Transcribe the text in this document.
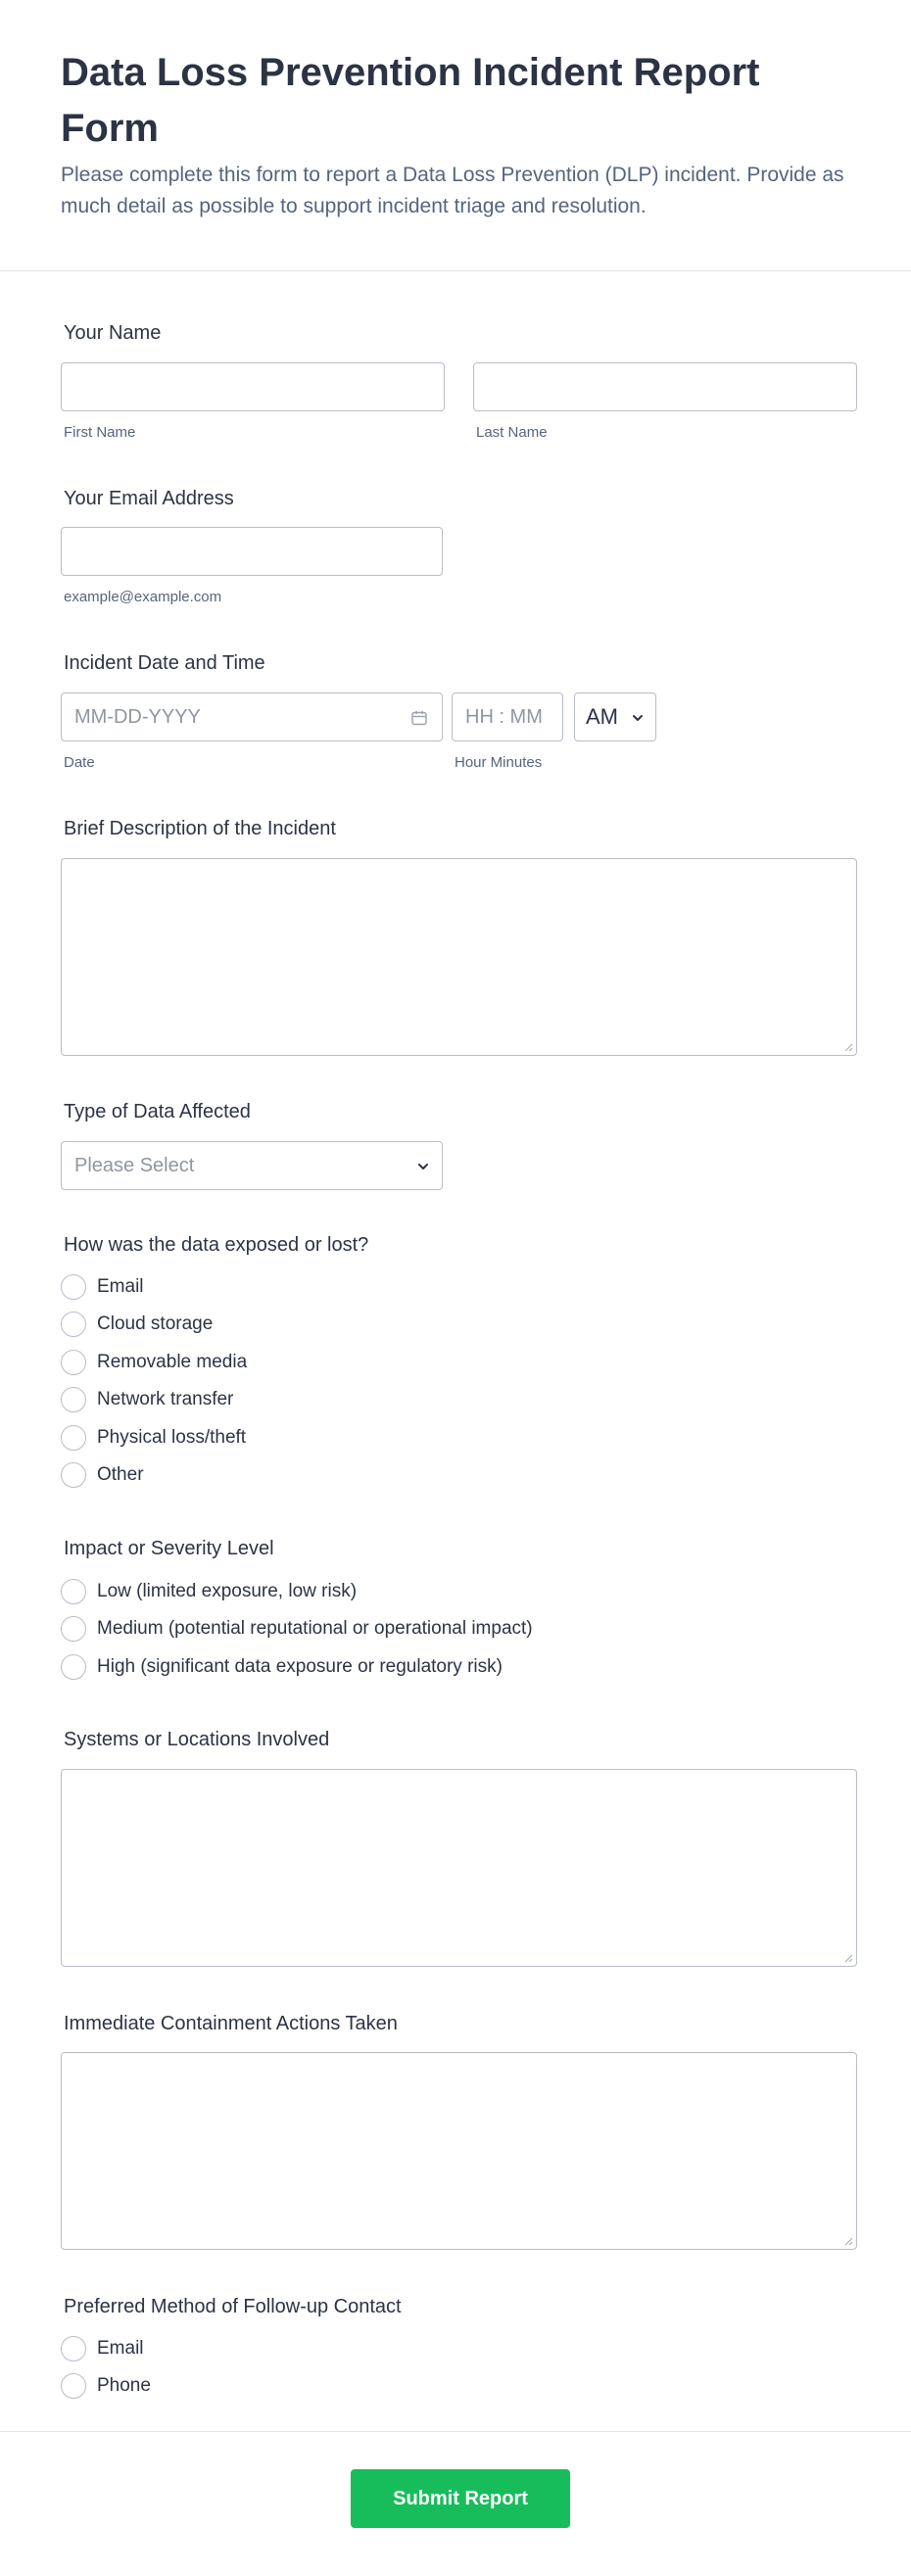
Data Loss Prevention Incident Report Form

Please complete this form to report a Data Loss Prevention (DLP) incident. Provide as much detail as possible to support incident triage and resolution.

Your Name
First Name	Last Name
Your Email Address
example@example.com
Incident Date and Time
MM-DD-YYYY	HH : MM AM
Date	Hour Minutes
Brief Description of the Incident
Type of Data Affected
Please Select
How was the data exposed or lost?
Email
Cloud storage
Removable media
Network transfer
Physical loss/theft
Other
Impact or Severity Level
Low (limited exposure, low risk)
Medium (potential reputational or operational impact)
High (significant data exposure or regulatory risk)
Systems or Locations Involved
Immediate Containment Actions Taken
Preferred Method of Follow-up Contact
Email
Phone
Submit Report
